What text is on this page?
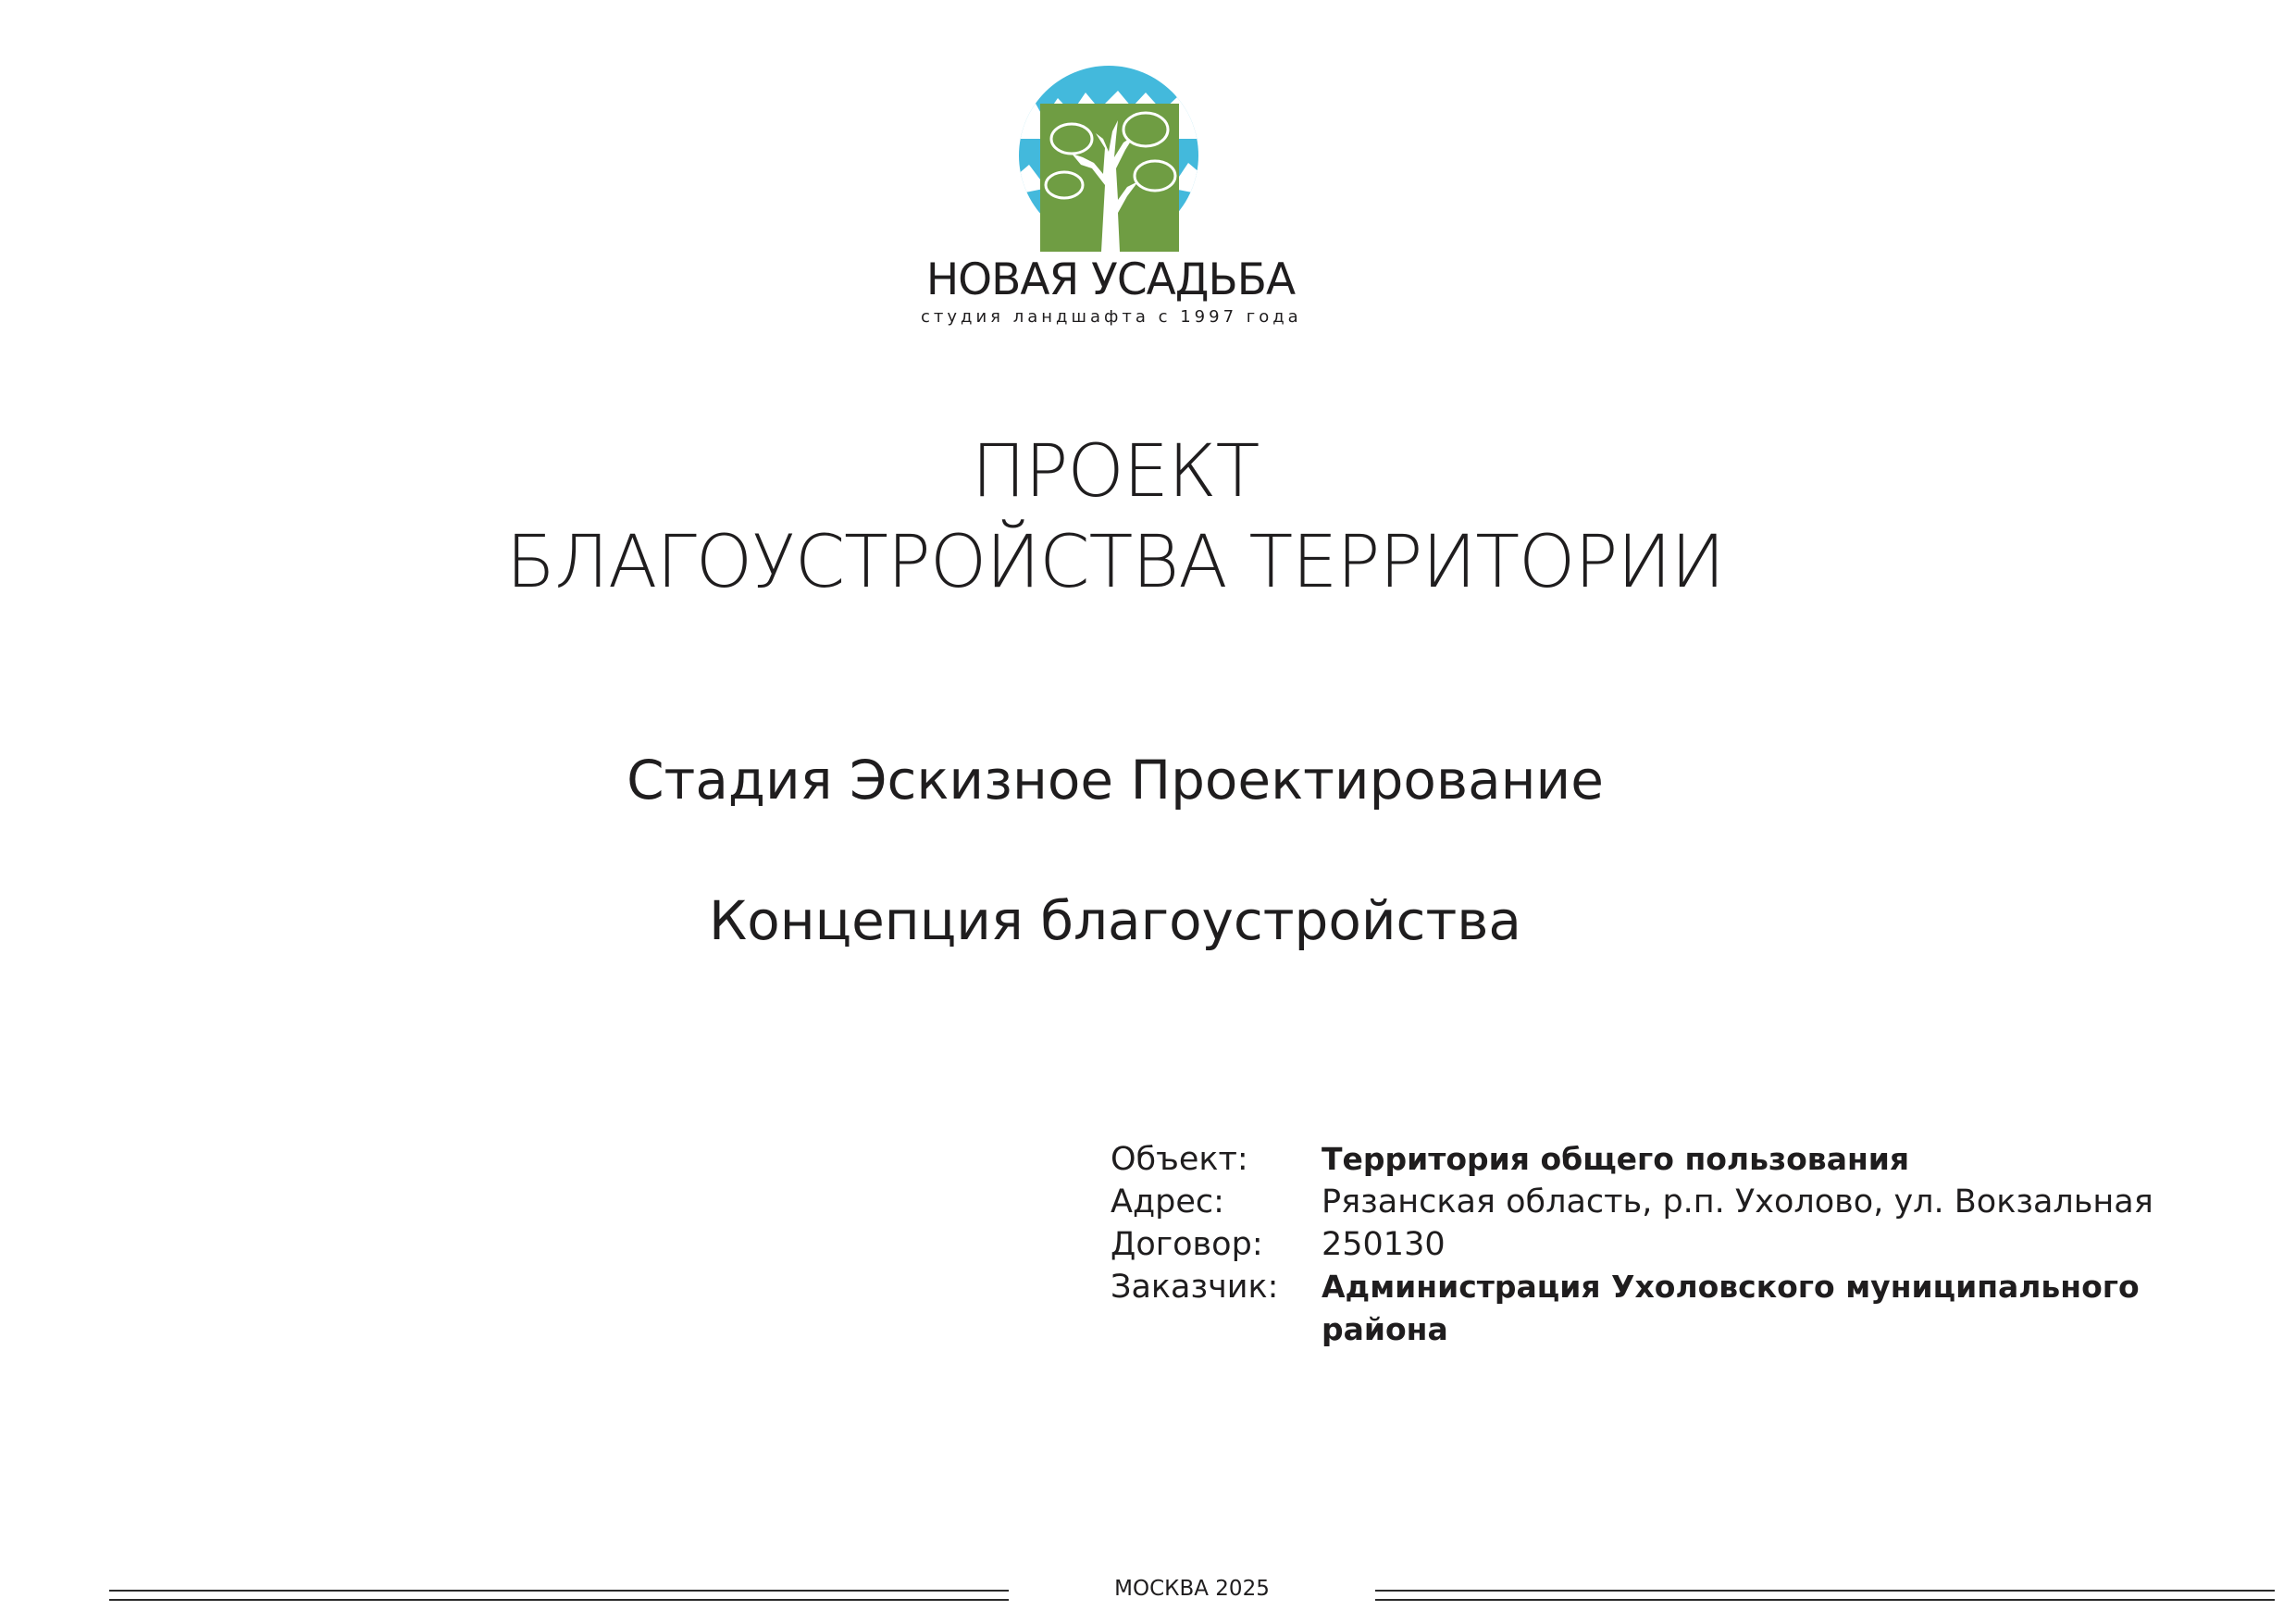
НОВАЯ УСАДЬБА
студия ландшафта с 1997 года
ПРОЕКТ
БЛАГОУСТРОЙСТВА ТЕРРИТОРИИ
Стадия Эскизное Проектирование
Концепция благоустройства
Объект: Территория общего пользования
Адрес:	Рязанская область, р.п. Ухолово, ул. Вокзальная
Договор: 250130
Заказчик: Администрация Ухоловского муниципального района
МОСКВА 2025
